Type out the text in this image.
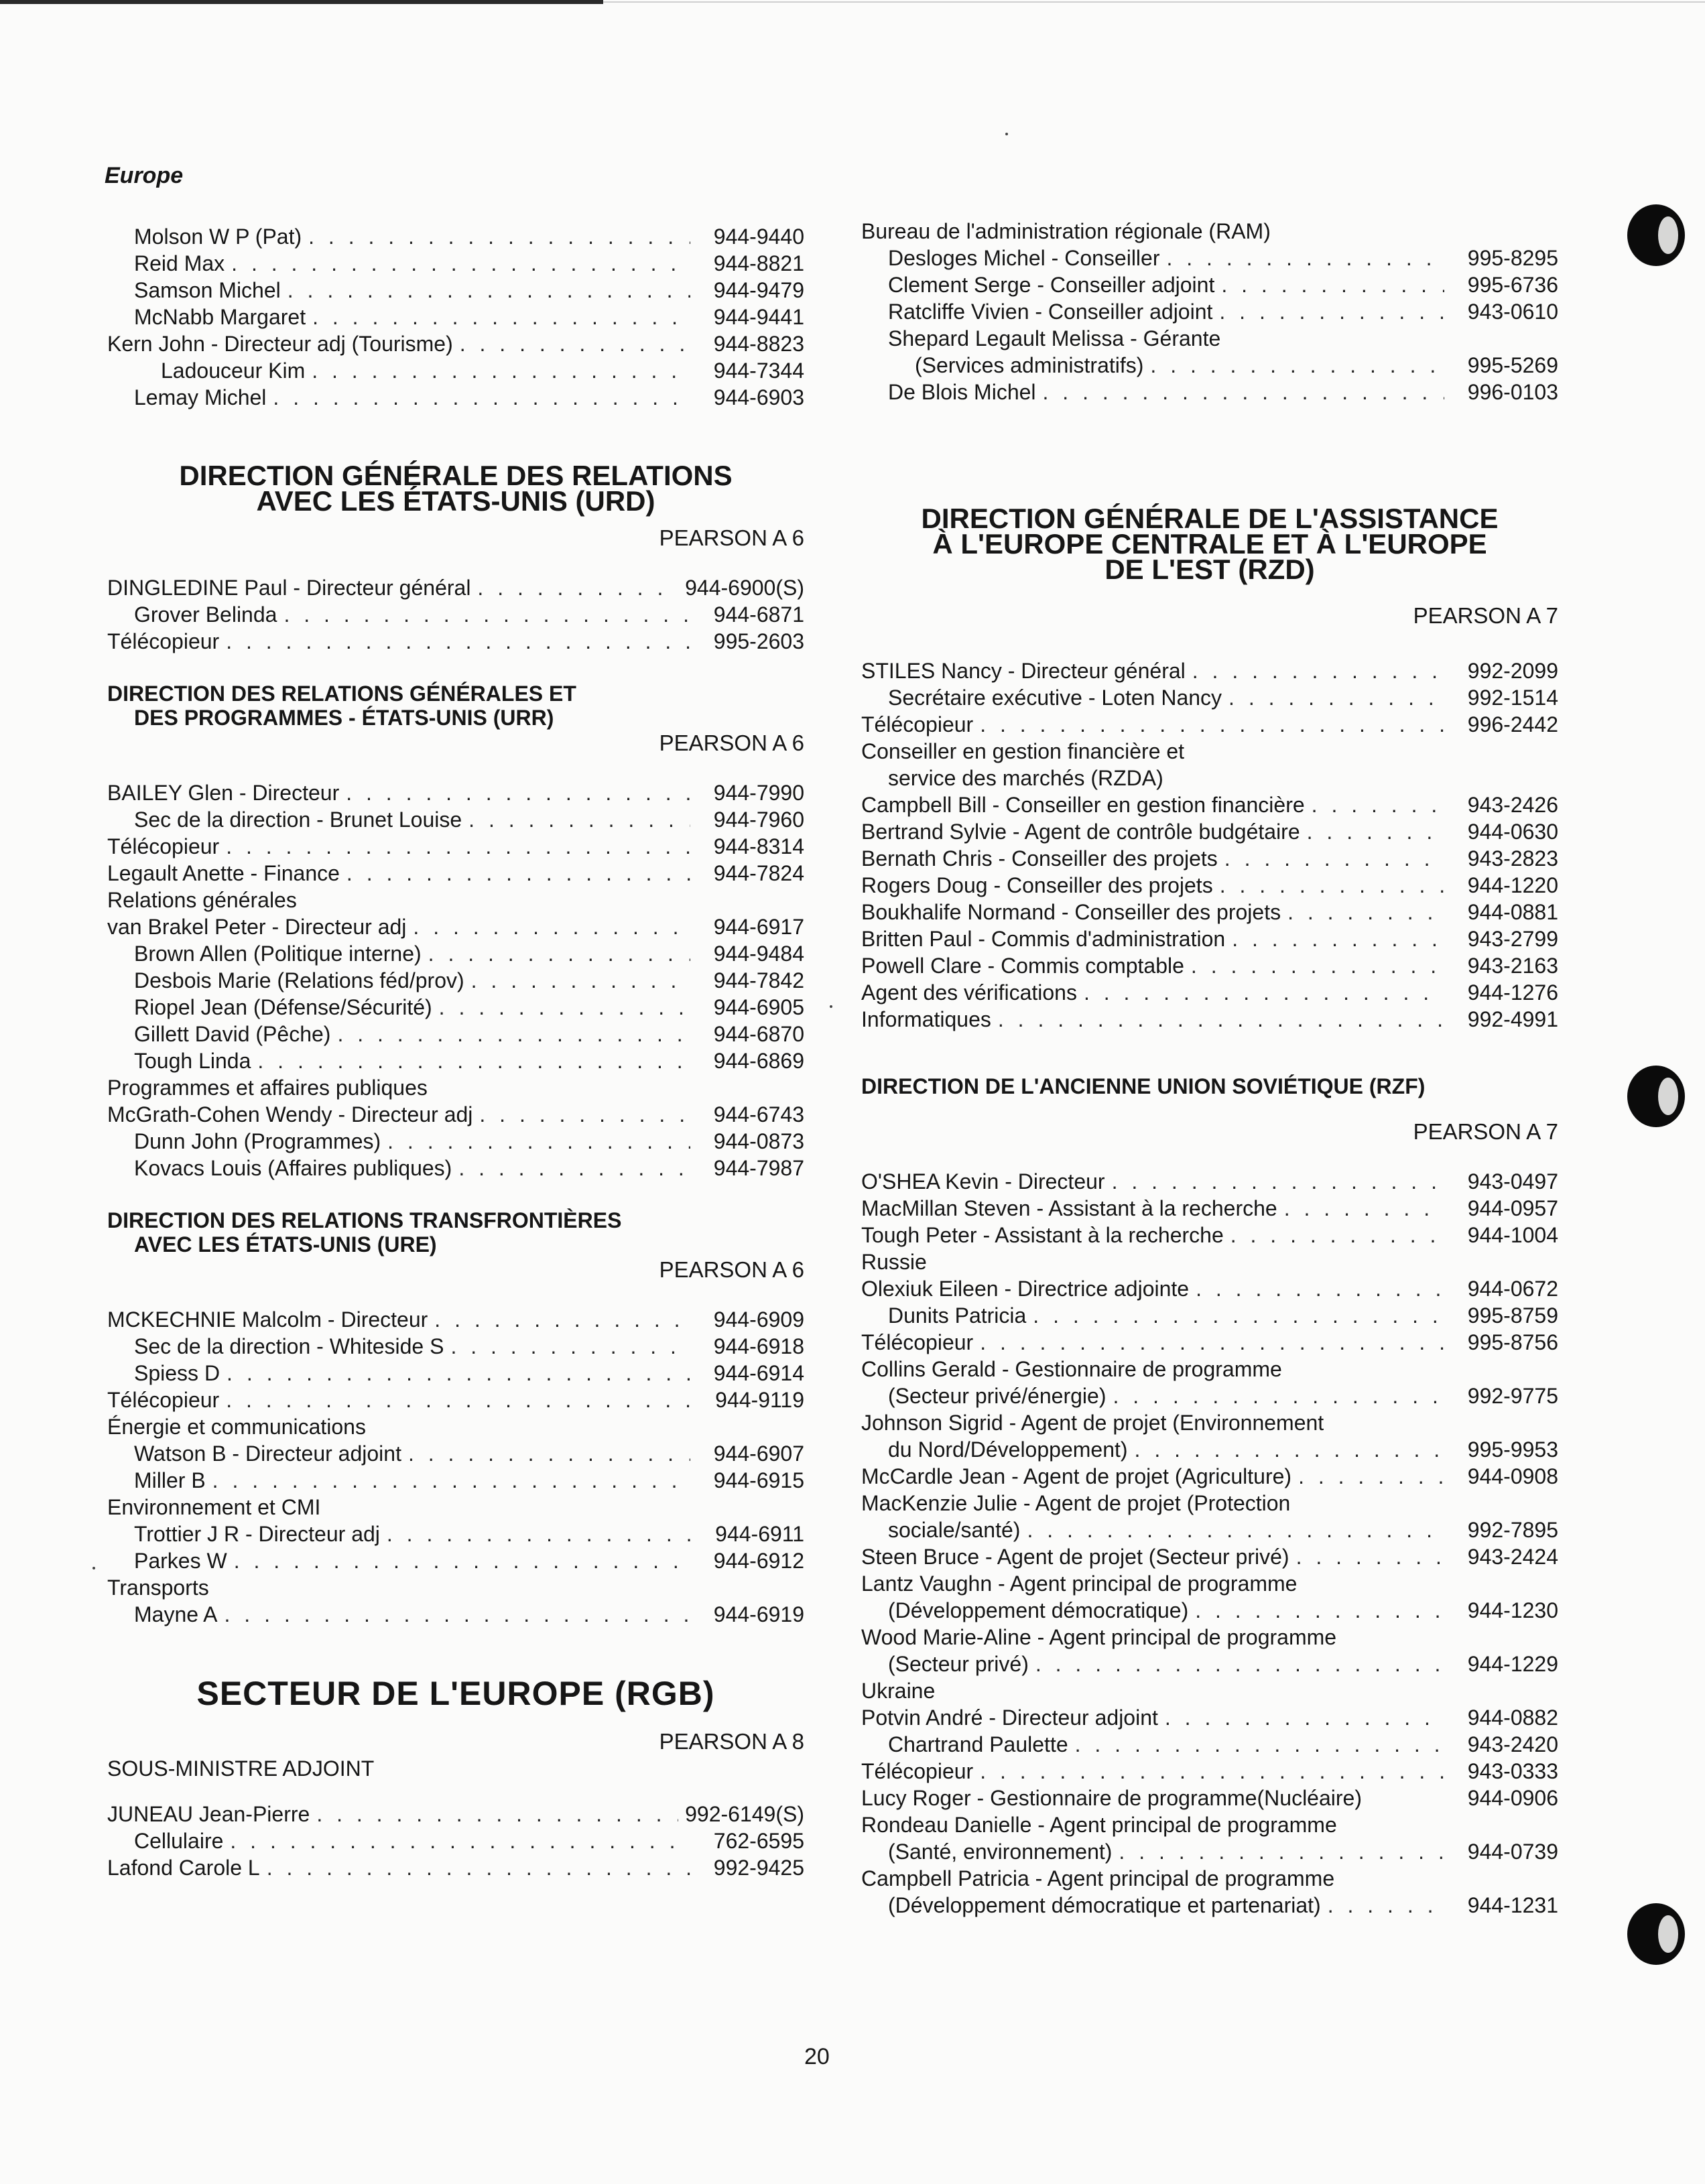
Europe
Molson W P (Pat) . . .	944-9440
Reid Max . . .	944-8821
Samson Michel . . .	944-9479
McNabb Margaret . . .	944-9441
Kern John - Directeur adj (Tourisme) . . .	944-8823
Ladouceur Kim . . .	944-7344
Lemay Michel . . .	944-6903
DIRECTION GÉNÉRALE DES RELATIONS
AVEC LES ÉTATS-UNIS (URD)
PEARSON A 6
DINGLEDINE Paul - Directeur général . . .	944-6900(S)
Grover Belinda . . .	944-6871
Télécopieur . . .	995-2603
DIRECTION DES RELATIONS GÉNÉRALES ET
DES PROGRAMMES - ÉTATS-UNIS (URR)
PEARSON A 6
BAILEY Glen - Directeur . . .	944-7990
Sec de la direction - Brunet Louise . . .	944-7960
Télécopieur . . .	944-8314
Legault Anette - Finance . . .	944-7824
Relations générales
van Brakel Peter - Directeur adj . . .	944-6917
Brown Allen (Politique interne) . . .	944-9484
Desbois Marie (Relations féd/prov) . . .	944-7842
Riopel Jean (Défense/Sécurité) . . .	944-6905
Gillett David (Pêche) . . .	944-6870
Tough Linda . . .	944-6869
Programmes et affaires publiques
McGrath-Cohen Wendy - Directeur adj . . .	944-6743
Dunn John (Programmes) . . .	944-0873
Kovacs Louis (Affaires publiques) . . .	944-7987
DIRECTION DES RELATIONS TRANSFRONTIÈRES
AVEC LES ÉTATS-UNIS (URE)
PEARSON A 6
MCKECHNIE Malcolm - Directeur . . .	944-6909
Sec de la direction - Whiteside S . . .	944-6918
Spiess D . . .	944-6914
Télécopieur . . .	944-9119
Énergie et communications
Watson B - Directeur adjoint . . .	944-6907
Miller B . . .	944-6915
Environnement et CMI
Trottier J R - Directeur adj . . .	944-6911
Parkes W . . .	944-6912
Transports
Mayne A . . .	944-6919
SECTEUR DE L'EUROPE (RGB)
PEARSON A 8
SOUS-MINISTRE ADJOINT
JUNEAU Jean-Pierre . . .	992-6149(S)
Cellulaire . . .	762-6595
Lafond Carole L . . .	992-9425
Bureau de l'administration régionale (RAM)
Desloges Michel - Conseiller . . .	995-8295
Clement Serge - Conseiller adjoint . . .	995-6736
Ratcliffe Vivien - Conseiller adjoint . . .	943-0610
Shepard Legault Melissa - Gérante
(Services administratifs) . . .	995-5269
De Blois Michel . . .	996-0103
DIRECTION GÉNÉRALE DE L'ASSISTANCE
À L'EUROPE CENTRALE ET À L'EUROPE
DE L'EST (RZD)
PEARSON A 7
STILES Nancy - Directeur général . . .	992-2099
Secrétaire exécutive - Loten Nancy . . .	992-1514
Télécopieur . . .	996-2442
Conseiller en gestion financière et
service des marchés (RZDA)
Campbell Bill - Conseiller en gestion financière . . .	943-2426
Bertrand Sylvie - Agent de contrôle budgétaire . . .	944-0630
Bernath Chris - Conseiller des projets . . .	943-2823
Rogers Doug - Conseiller des projets . . .	944-1220
Boukhalife Normand - Conseiller des projets . . .	944-0881
Britten Paul - Commis d'administration . . .	943-2799
Powell Clare - Commis comptable . . .	943-2163
Agent des vérifications . . .	944-1276
Informatiques . . .	992-4991
DIRECTION DE L'ANCIENNE UNION SOVIÉTIQUE (RZF)
PEARSON A 7
O'SHEA Kevin - Directeur . . .	943-0497
MacMillan Steven - Assistant à la recherche . . .	944-0957
Tough Peter - Assistant à la recherche . . .	944-1004
Russie
Olexiuk Eileen - Directrice adjointe . . .	944-0672
Dunits Patricia . . .	995-8759
Télécopieur . . .	995-8756
Collins Gerald - Gestionnaire de programme
(Secteur privé/énergie) . . .	992-9775
Johnson Sigrid - Agent de projet (Environnement
du Nord/Développement) . . .	995-9953
McCardle Jean - Agent de projet (Agriculture) . . .	944-0908
MacKenzie Julie - Agent de projet (Protection
sociale/santé) . . .	992-7895
Steen Bruce - Agent de projet (Secteur privé) . . .	943-2424
Lantz Vaughn - Agent principal de programme
(Développement démocratique) . . .	944-1230
Wood Marie-Aline - Agent principal de programme
(Secteur privé) . . .	944-1229
Ukraine
Potvin André - Directeur adjoint . . .	944-0882
Chartrand Paulette . . .	943-2420
Télécopieur . . .	943-0333
Lucy Roger - Gestionnaire de programme(Nucléaire)	944-0906
Rondeau Danielle - Agent principal de programme
(Santé, environnement) . . .	944-0739
Campbell Patricia - Agent principal de programme
(Développement démocratique et partenariat) . . .	944-1231
20
